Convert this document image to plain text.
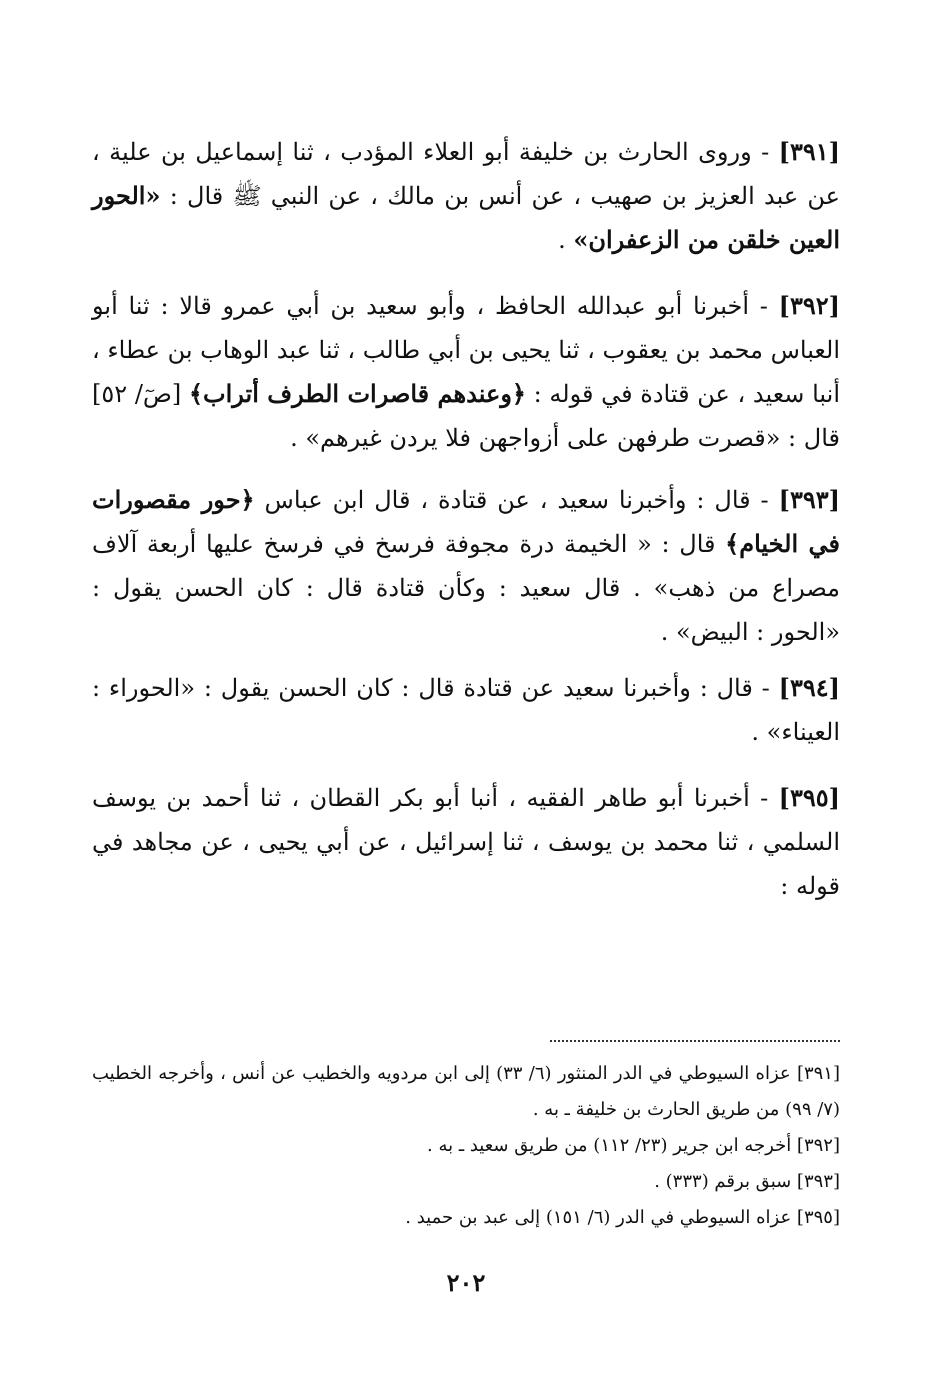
[٣٩١] - وروى الحارث بن خليفة أبو العلاء المؤدب ، ثنا إسماعيل بن علية ، عن عبد العزيز بن صهيب ، عن أنس بن مالك ، عن النبي ﷺ قال : «الحور العين خلقن من الزعفران» .

[٣٩٢] - أخبرنا أبو عبدالله الحافظ ، وأبو سعيد بن أبي عمرو قالا : ثنا أبو العباس محمد بن يعقوب ، ثنا يحيى بن أبي طالب ، ثنا عبد الوهاب بن عطاء ، أنبا سعيد ، عن قتادة في قوله : ﴿وعندهم قاصرات الطرف أتراب﴾ [صٓ/ ٥٢] قال : «قصرت طرفهن على أزواجهن فلا يردن غيرهم» .

[٣٩٣] - قال : وأخبرنا سعيد ، عن قتادة ، قال ابن عباس ﴿حور مقصورات في الخيام﴾ قال : « الخيمة درة مجوفة فرسخ في فرسخ عليها أربعة آلاف مصراع من ذهب» . قال سعيد : وكأن قتادة قال : كان الحسن يقول : «الحور : البيض» .

[٣٩٤] - قال : وأخبرنا سعيد عن قتادة قال : كان الحسن يقول : «الحوراء : العيناء» .

[٣٩٥] - أخبرنا أبو طاهر الفقيه ، أنبا أبو بكر القطان ، ثنا أحمد بن يوسف السلمي ، ثنا محمد بن يوسف ، ثنا إسرائيل ، عن أبي يحيى ، عن مجاهد في قوله :

[٣٩١] عزاه السيوطي في الدر المنثور (٦/ ٣٣) إلى ابن مردويه والخطيب عن أنس ، وأخرجه الخطيب (٧/ ٩٩) من طريق الحارث بن خليفة ـ به .

[٣٩٢] أخرجه ابن جرير (٢٣/ ١١٢) من طريق سعيد ـ به .

[٣٩٣] سبق برقم (٣٣٣) .

[٣٩٥] عزاه السيوطي في الدر (٦/ ١٥١) إلى عبد بن حميد .

٢٠٢
